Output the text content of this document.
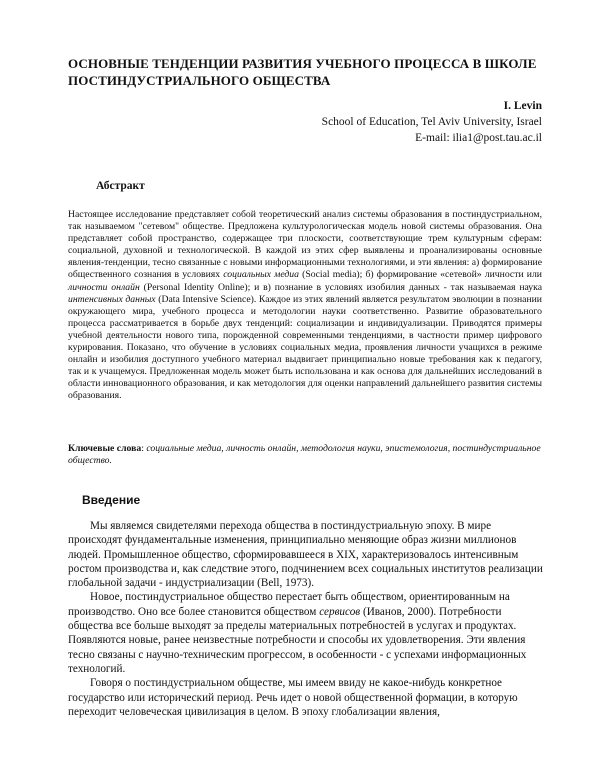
ОСНОВНЫЕ ТЕНДЕНЦИИ РАЗВИТИЯ УЧЕБНОГО ПРОЦЕССА В ШКОЛЕ ПОСТИНДУСТРИАЛЬНОГО ОБЩЕСТВА
I. Levin
School of Education, Tel Aviv University, Israel
E-mail: ilia1@post.tau.ac.il
Абстракт
Настоящее исследование представляет собой теоретический анализ системы образования в постиндустриальном, так называемом "сетевом" обществе. Предложена культурологическая модель новой системы образования. Она представляет собой пространство, содержащее три плоскости, соответствующие трем культурным сферам: социальной, духовной и технологической. В каждой из этих сфер выявлены и проанализированы основные явления-тенденции, тесно связанные с новыми информационными технологиями, и эти явления: а) формирование общественного сознания в условиях социальных медиа (Social media); б) формирование «сетевой» личности или личности онлайн (Personal Identity Online); и в) познание в условиях изобилия данных - так называемая наука интенсивных данных (Data Intensive Science). Каждое из этих явлений является результатом эволюции в познании окружающего мира, учебного процесса и методологии науки соответственно. Развитие образовательного процесса рассматривается в борьбе двух тенденций: социализации и индивидуализации. Приводятся примеры учебной деятельности нового типа, порожденной современными тенденциями, в частности пример цифрового курирования. Показано, что обучение в условиях социальных медиа, проявления личности учащихся в режиме онлайн и изобилия доступного учебного материал выдвигает принципиально новые требования как к педагогу, так и к учащемуся. Предложенная модель может быть использована и как основа для дальнейших исследований в области инновационного образования, и как методология для оценки направлений дальнейшего развития системы образования.
Ключевые слова: социальные медиа, личность онлайн, методология науки, эпистемология, постиндустриальное общество.
Введение

Мы являемся свидетелями перехода общества в постиндустриальную эпоху. В мире происходят фундаментальные изменения, принципиально меняющие образ жизни миллионов людей. Промышленное общество, сформировавшееся в XIX, характеризовалось интенсивным ростом производства и, как следствие этого, подчинением всех социальных институтов реализации глобальной задачи - индустриализации (Bell, 1973).

Новое, постиндустриальное общество перестает быть обществом, ориентированным на производство. Оно все более становится обществом сервисов (Иванов, 2000). Потребности общества все больше выходят за пределы материальных потребностей в услугах и продуктах. Появляются новые, ранее неизвестные потребности и способы их удовлетворения. Эти явления тесно связаны с научно-техническим прогрессом, в особенности - с успехами информационных технологий.

Говоря о постиндустриальном обществе, мы имеем ввиду не какое-нибудь конкретное государство или исторический период. Речь идет о новой общественной формации, в которую переходит человеческая цивилизация в целом. В эпоху глобализации явления,
